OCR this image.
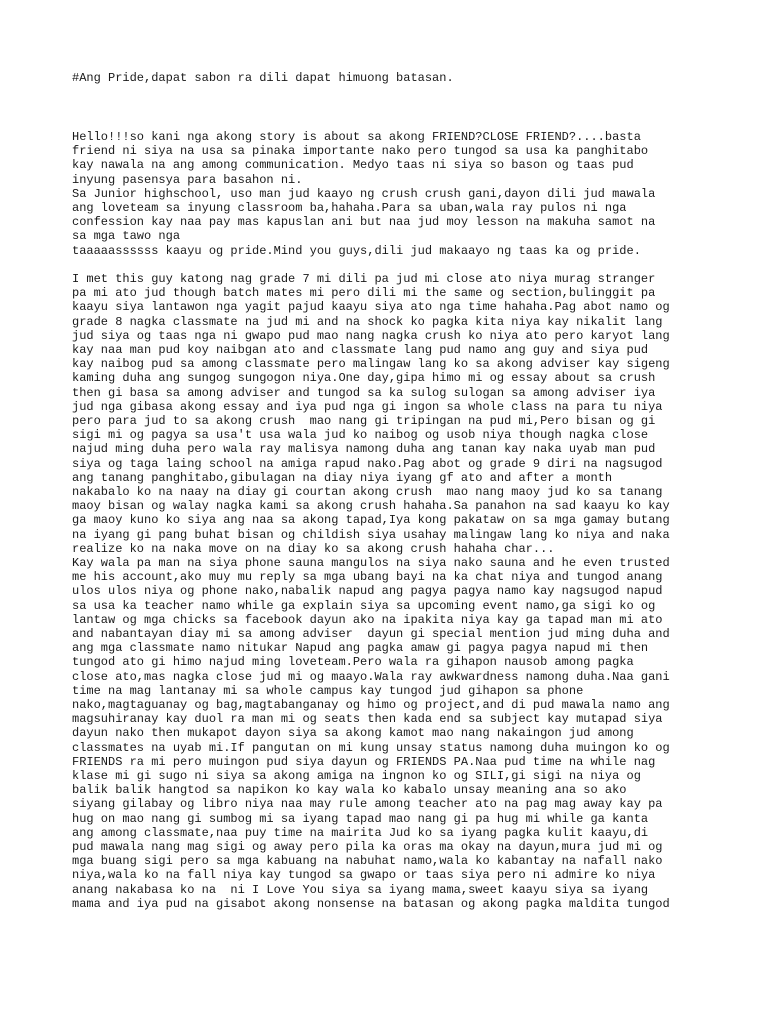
#Ang Pride,dapat sabon ra dili dapat himuong batasan.

Hello!!!so kani nga akong story is about sa akong FRIEND?CLOSE FRIEND?....basta

friend ni siya na usa sa pinaka importante nako pero tungod sa usa ka panghitabo

kay nawala na ang among communication. Medyo taas ni siya so bason og taas pud

inyung pasensya para basahon ni.

Sa Junior highschool, uso man jud kaayo ng crush crush gani,dayon dili jud mawala

ang loveteam sa inyung classroom ba,hahaha.Para sa uban,wala ray pulos ni nga

confession kay naa pay mas kapuslan ani but naa jud moy lesson na makuha samot na

sa mga tawo nga

taaaaassssss kaayu og pride.Mind you guys,dili jud makaayo ng taas ka og pride.

I met this guy katong nag grade 7 mi dili pa jud mi close ato niya murag stranger

pa mi ato jud though batch mates mi pero dili mi the same og section,bulinggit pa

kaayu siya lantawon nga yagit pajud kaayu siya ato nga time hahaha.Pag abot namo og

grade 8 nagka classmate na jud mi and na shock ko pagka kita niya kay nikalit lang

jud siya og taas nga ni gwapo pud mao nang nagka crush ko niya ato pero karyot lang

kay naa man pud koy naibgan ato and classmate lang pud namo ang guy and siya pud

kay naibog pud sa among classmate pero malingaw lang ko sa akong adviser kay sigeng

kaming duha ang sungog sungogon niya.One day,gipa himo mi og essay about sa crush

then gi basa sa among adviser and tungod sa ka sulog sulogan sa among adviser iya

jud nga gibasa akong essay and iya pud nga gi ingon sa whole class na para tu niya

pero para jud to sa akong crush  mao nang gi tripingan na pud mi,Pero bisan og gi

sigi mi og pagya sa usa't usa wala jud ko naibog og usob niya though nagka close

najud ming duha pero wala ray malisya namong duha ang tanan kay naka uyab man pud

siya og taga laing school na amiga rapud nako.Pag abot og grade 9 diri na nagsugod

ang tanang panghitabo,gibulagan na diay niya iyang gf ato and after a month

nakabalo ko na naay na diay gi courtan akong crush  mao nang maoy jud ko sa tanang

maoy bisan og walay nagka kami sa akong crush hahaha.Sa panahon na sad kaayu ko kay

ga maoy kuno ko siya ang naa sa akong tapad,Iya kong pakataw on sa mga gamay butang

na iyang gi pang buhat bisan og childish siya usahay malingaw lang ko niya and naka

realize ko na naka move on na diay ko sa akong crush hahaha char...

Kay wala pa man na siya phone sauna mangulos na siya nako sauna and he even trusted

me his account,ako muy mu reply sa mga ubang bayi na ka chat niya and tungod anang

ulos ulos niya og phone nako,nabalik napud ang pagya pagya namo kay nagsugod napud

sa usa ka teacher namo while ga explain siya sa upcoming event namo,ga sigi ko og

lantaw og mga chicks sa facebook dayun ako na ipakita niya kay ga tapad man mi ato

and nabantayan diay mi sa among adviser  dayun gi special mention jud ming duha and

ang mga classmate namo nitukar Napud ang pagka amaw gi pagya pagya napud mi then

tungod ato gi himo najud ming loveteam.Pero wala ra gihapon nausob among pagka

close ato,mas nagka close jud mi og maayo.Wala ray awkwardness namong duha.Naa gani

time na mag lantanay mi sa whole campus kay tungod jud gihapon sa phone

nako,magtaguanay og bag,magtabanganay og himo og project,and di pud mawala namo ang

magsuhiranay kay duol ra man mi og seats then kada end sa subject kay mutapad siya

dayun nako then mukapot dayon siya sa akong kamot mao nang nakaingon jud among

classmates na uyab mi.If pangutan on mi kung unsay status namong duha muingon ko og

FRIENDS ra mi pero muingon pud siya dayun og FRIENDS PA.Naa pud time na while nag

klase mi gi sugo ni siya sa akong amiga na ingnon ko og SILI,gi sigi na niya og

balik balik hangtod sa napikon ko kay wala ko kabalo unsay meaning ana so ako

siyang gilabay og libro niya naa may rule among teacher ato na pag mag away kay pa

hug on mao nang gi sumbog mi sa iyang tapad mao nang gi pa hug mi while ga kanta

ang among classmate,naa puy time na mairita Jud ko sa iyang pagka kulit kaayu,di

pud mawala nang mag sigi og away pero pila ka oras ma okay na dayun,mura jud mi og

mga buang sigi pero sa mga kabuang na nabuhat namo,wala ko kabantay na nafall nako

niya,wala ko na fall niya kay tungod sa gwapo or taas siya pero ni admire ko niya

anang nakabasa ko na  ni I Love You siya sa iyang mama,sweet kaayu siya sa iyang

mama and iya pud na gisabot akong nonsense na batasan og akong pagka maldita tungod
